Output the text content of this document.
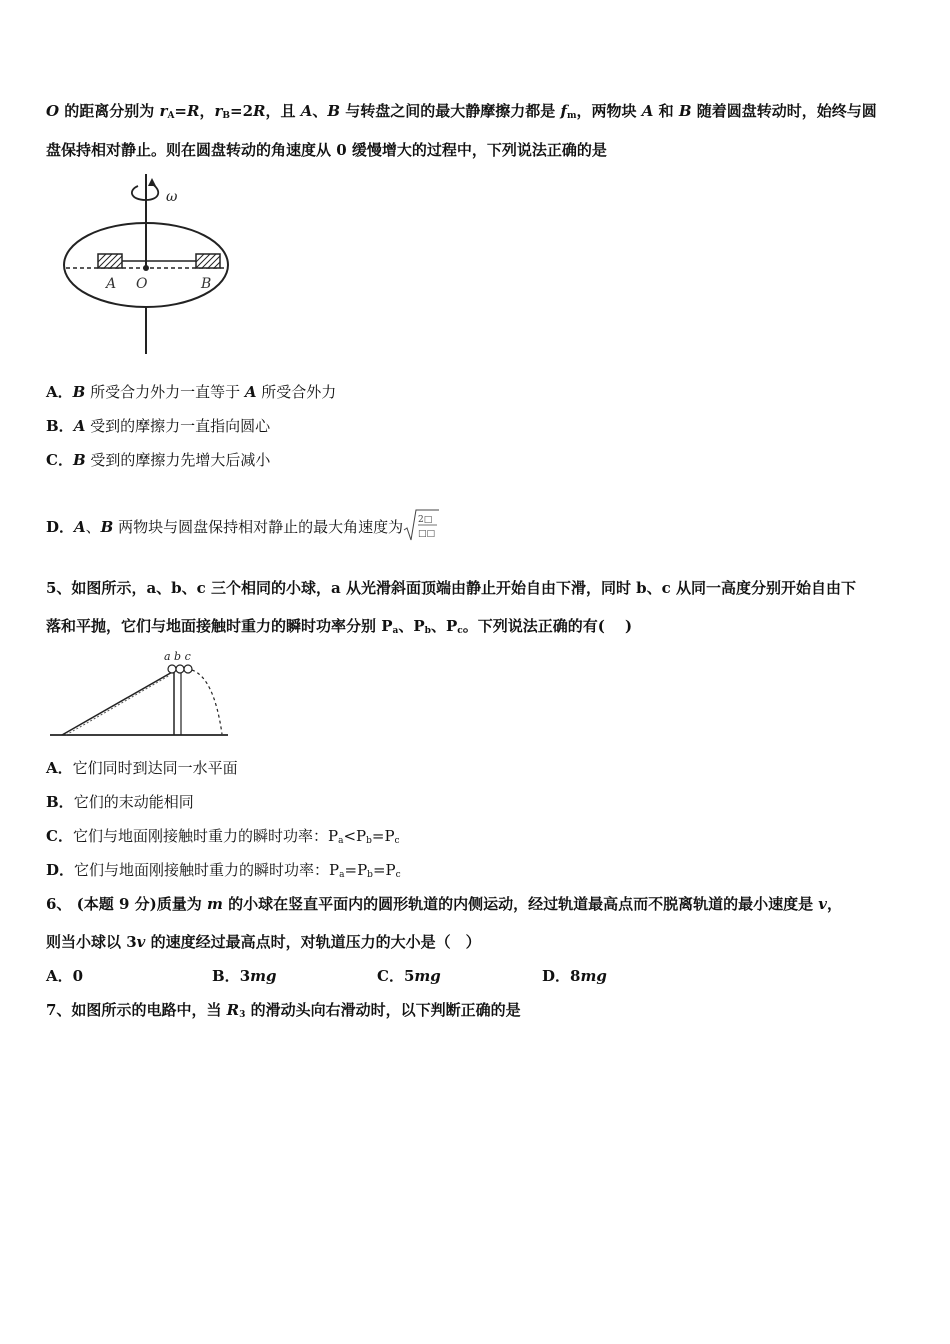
O 的距离分别为 $r_A=R$，$r_B=2R$，且 A、B 与转盘之间的最大静摩擦力都是 $f_m$，两物块 A 和 B 随着圆盘转动时，始终与圆
盘保持相对静止。则在圆盘转动的角速度从 0 缓慢增大的过程中，下列说法正确的是
ω
A O	B
A．B 所受合力外力一直等于 A 所受合外力
B．A 受到的摩擦力一直指向圆心
C．B 受到的摩擦力先增大后减小
D．A、B 两物块与圆盘保持相对静止的最大角速度为 2□
□□
5、如图所示，a、b、c 三个相同的小球，a 从光滑斜面顶端由静止开始自由下滑，同时 b、c 从同一高度分别开始自由下
落和平抛，它们与地面接触时重力的瞬时功率分别 $P_a$、$P_b$、$P_c$。下列说法正确的有(　 )
a b c
A．它们同时到达同一水平面
B．它们的末动能相同
C．它们与地面刚接触时重力的瞬时功率：$P_a<P_b=P_c$
D．它们与地面刚接触时重力的瞬时功率：$P_a=P_b=P_c$
6、 (本题 9 分)质量为 m 的小球在竖直平面内的圆形轨道的内侧运动，经过轨道最高点而不脱离轨道的最小速度是 v，
则当小球以 3v 的速度经过最高点时，对轨道压力的大小是（　）
A．0	B．3mg	C．5mg	D．8mg
7、如图所示的电路中，当 $R_3$ 的滑动头向右滑动时，以下判断正确的是
